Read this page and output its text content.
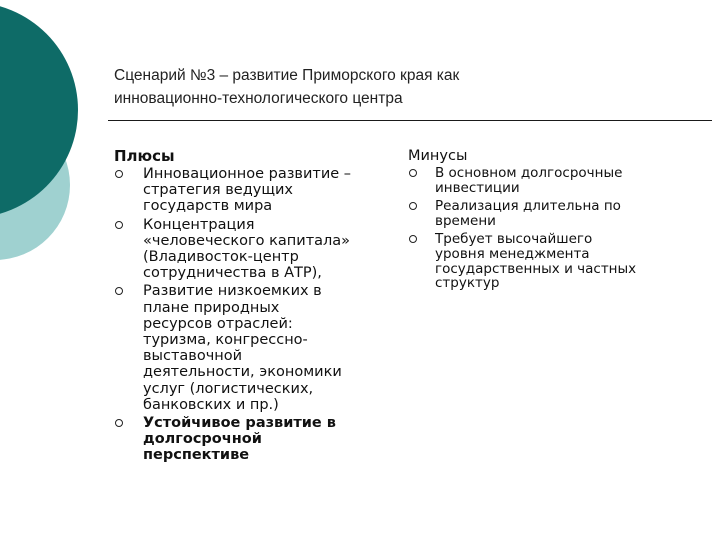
Сценарий №3 – развитие Приморского края как
инновационно-технологического центра
Плюсы
Инновационное развитие –
стратегия ведущих
государств мира
Концентрация
«человеческого капитала»
(Владивосток-центр
сотрудничества в АТР),
Развитие низкоемких в
плане природных
ресурсов отраслей:
туризма, конгрессно-
выставочной
деятельности, экономики
услуг (логистических,
банковских и пр.)
Устойчивое развитие в
долгосрочной
перспективе
Минусы
В основном долгосрочные
инвестиции
Реализация длительна по
времени
Требует высочайшего
уровня менеджмента
государственных и частных
структур
